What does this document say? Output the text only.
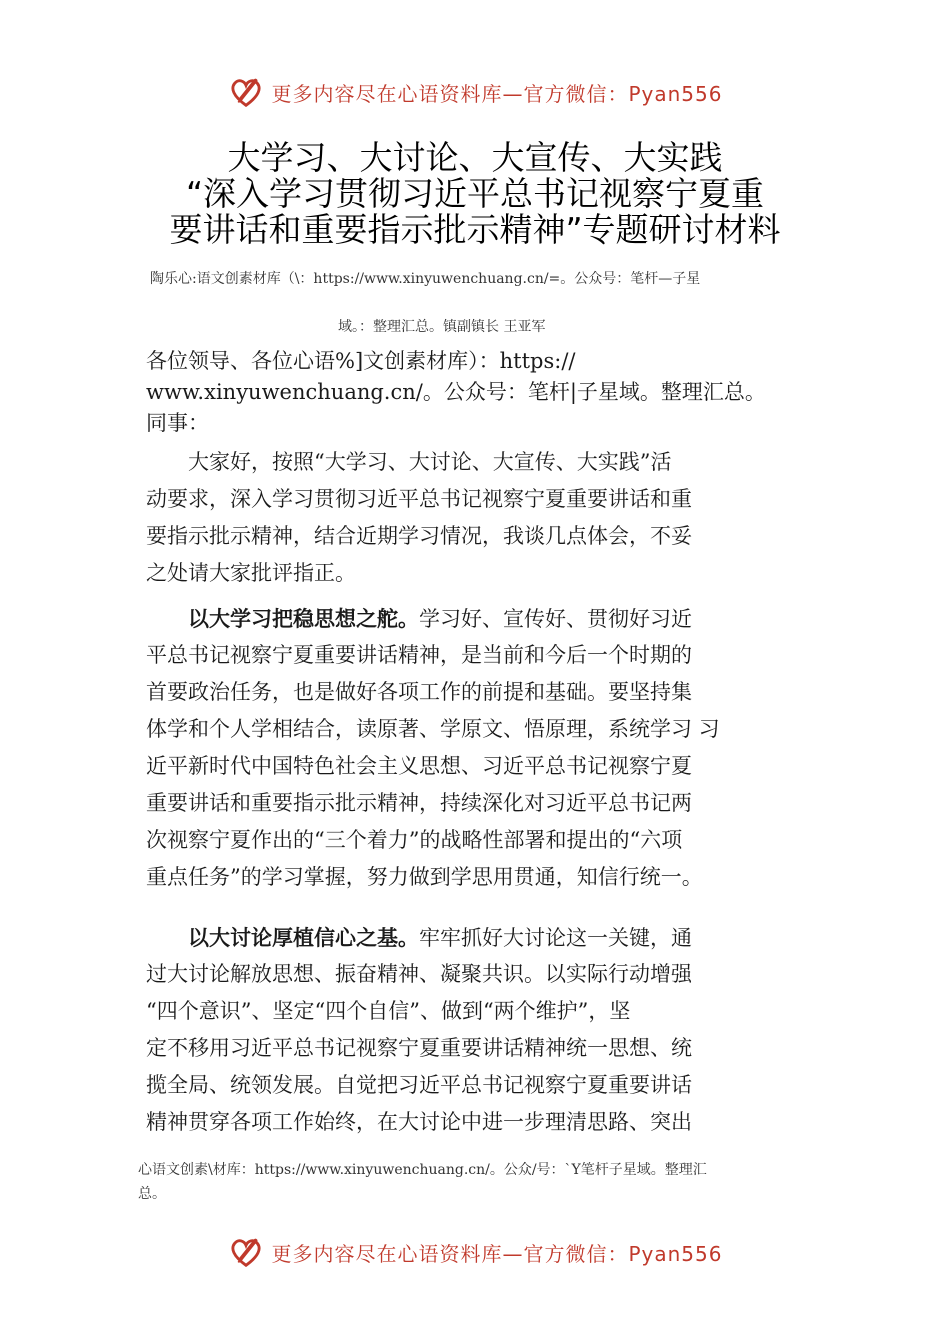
更多内容尽在心语资料库—官方微信：Pyan556
大学习、大讨论、大宣传、大实践
“深入学习贯彻习近平总书记视察宁夏重
要讲话和重要指示批示精神”专题研讨材料
陶乐心:语文创素材库（\：https://www.xinyuwenchuang.cn/=。公众号：笔杆—子星
域。：整理汇总。镇副镇长 王亚军
各位领导、各位心语%]文创素材库）：https://
www.xinyuwenchuang.cn/。公众号：笔杆|子星域。整理汇总。
同事：
　　大家好，按照“大学习、大讨论、大宣传、大实践”活
动要求，深入学习贯彻习近平总书记视察宁夏重要讲话和重
要指示批示精神，结合近期学习情况，我谈几点体会，不妥
之处请大家批评指正。
　　以大学习把稳思想之舵。学习好、宣传好、贯彻好习近
平总书记视察宁夏重要讲话精神，是当前和今后一个时期的
首要政治任务，也是做好各项工作的前提和基础。要坚持集
体学和个人学相结合，读原著、学原文、悟原理，系统学习 习
近平新时代中国特色社会主义思想、习近平总书记视察宁夏
重要讲话和重要指示批示精神，持续深化对习近平总书记两
次视察宁夏作出的“三个着力”的战略性部署和提出的“六项
重点任务”的学习掌握，努力做到学思用贯通，知信行统一。
　　以大讨论厚植信心之基。牢牢抓好大讨论这一关键，通
过大讨论解放思想、振奋精神、凝聚共识。以实际行动增强
“四个意识”、坚定“四个自信”、做到“两个维护”，坚
定不移用习近平总书记视察宁夏重要讲话精神统一思想、统
揽全局、统领发展。自觉把习近平总书记视察宁夏重要讲话
精神贯穿各项工作始终，在大讨论中进一步理清思路、突出
心语文创素\材库：https://www.xinyuwenchuang.cn/。公众/号：`Y笔杆子星域。整理汇
总。
更多内容尽在心语资料库—官方微信：Pyan556
